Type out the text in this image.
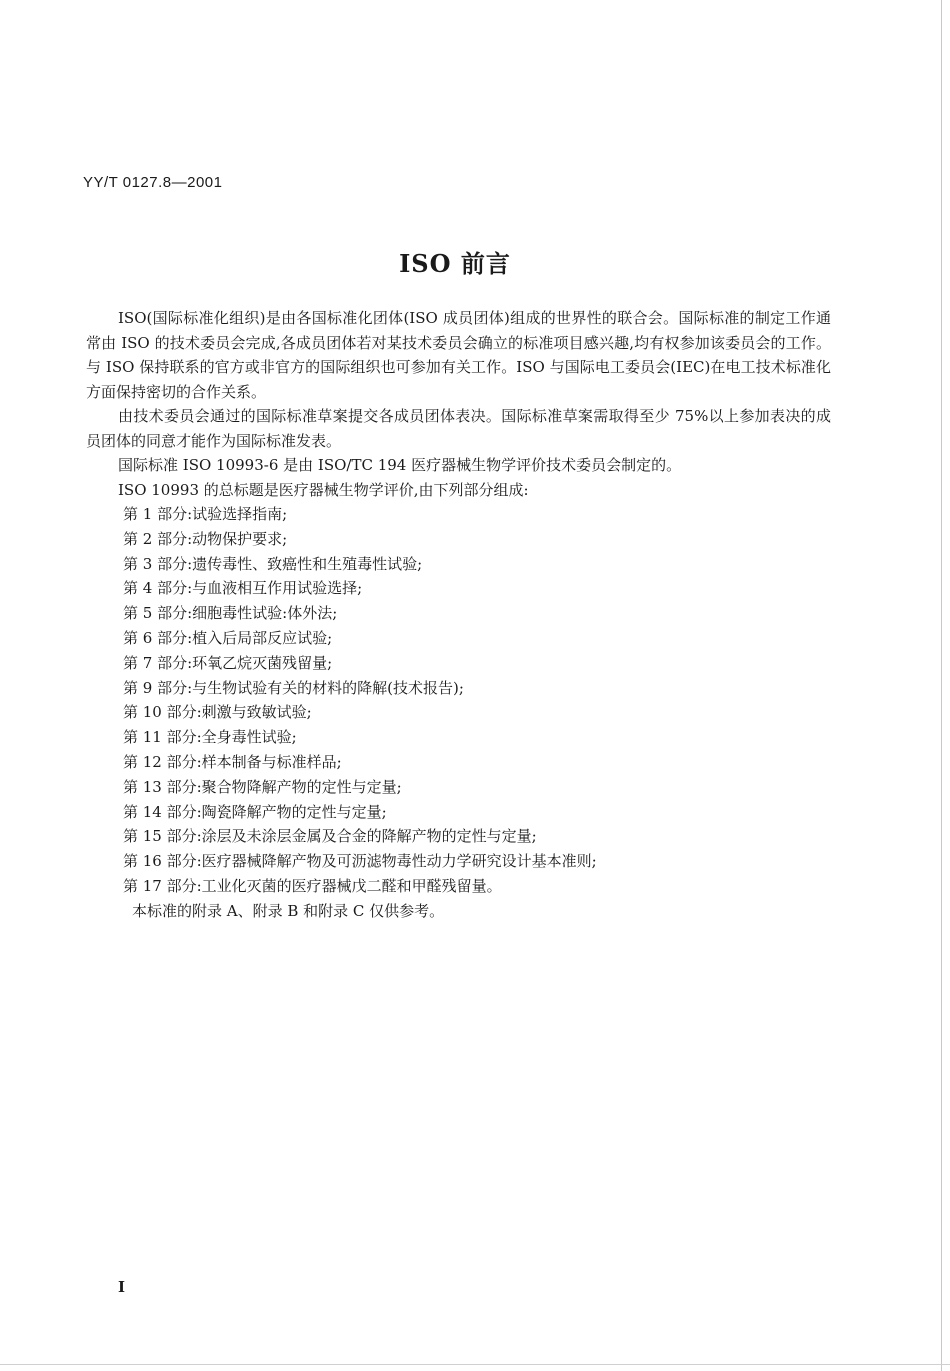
YY/T 0127.8—2001
ISO 前言

ISO(国际标准化组织)是由各国标准化团体(ISO 成员团体)组成的世界性的联合会。国际标准的制定工作通常由 ISO 的技术委员会完成,各成员团体若对某技术委员会确立的标准项目感兴趣,均有权参加该委员会的工作。与 ISO 保持联系的官方或非官方的国际组织也可参加有关工作。ISO 与国际电工委员会(IEC)在电工技术标准化方面保持密切的合作关系。

由技术委员会通过的国际标准草案提交各成员团体表决。国际标准草案需取得至少 75%以上参加表决的成员团体的同意才能作为国际标准发表。

国际标准 ISO 10993-6 是由 ISO/TC 194 医疗器械生物学评价技术委员会制定的。

ISO 10993 的总标题是医疗器械生物学评价,由下列部分组成:

第 1 部分:试验选择指南;
第 2 部分:动物保护要求;
第 3 部分:遗传毒性、致癌性和生殖毒性试验;
第 4 部分:与血液相互作用试验选择;
第 5 部分:细胞毒性试验:体外法;
第 6 部分:植入后局部反应试验;
第 7 部分:环氧乙烷灭菌残留量;
第 9 部分:与生物试验有关的材料的降解(技术报告);
第 10 部分:刺激与致敏试验;
第 11 部分:全身毒性试验;
第 12 部分:样本制备与标准样品;
第 13 部分:聚合物降解产物的定性与定量;
第 14 部分:陶瓷降解产物的定性与定量;
第 15 部分:涂层及未涂层金属及合金的降解产物的定性与定量;
第 16 部分:医疗器械降解产物及可沥滤物毒性动力学研究设计基本准则;
第 17 部分:工业化灭菌的医疗器械戊二醛和甲醛残留量。

本标准的附录 A、附录 B 和附录 C 仅供参考。

I
